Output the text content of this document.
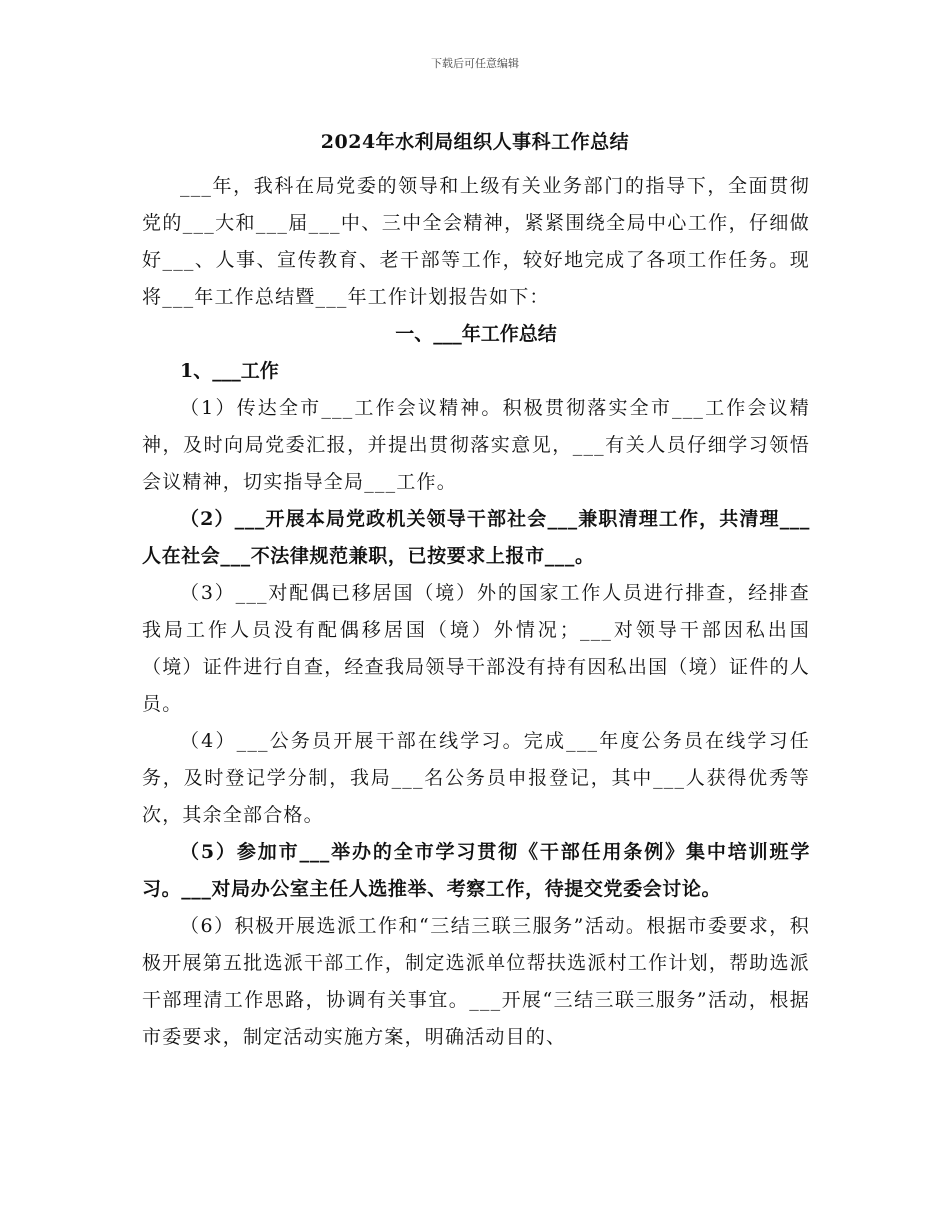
下载后可任意编辑
2024年水利局组织人事科工作总结

___年，我科在局党委的领导和上级有关业务部门的指导下，全面贯彻党的___大和___届___中、三中全会精神，紧紧围绕全局中心工作，仔细做好___、人事、宣传教育、老干部等工作，较好地完成了各项工作任务。现将___年工作总结暨___年工作计划报告如下：

一、___年工作总结

1、___工作

（1）传达全市___工作会议精神。积极贯彻落实全市___工作会议精神，及时向局党委汇报，并提出贯彻落实意见，___有关人员仔细学习领悟会议精神，切实指导全局___工作。

（2）___开展本局党政机关领导干部社会___兼职清理工作，共清理___人在社会___不法律规范兼职，已按要求上报市___。

（3）___对配偶已移居国（境）外的国家工作人员进行排查，经排查我局工作人员没有配偶移居国（境）外情况；___对领导干部因私出国（境）证件进行自查，经查我局领导干部没有持有因私出国（境）证件的人员。

（4）___公务员开展干部在线学习。完成___年度公务员在线学习任务，及时登记学分制，我局___名公务员申报登记，其中___人获得优秀等次，其余全部合格。

（5）参加市___举办的全市学习贯彻《干部任用条例》集中培训班学习。___对局办公室主任人选推举、考察工作，待提交党委会讨论。

（6）积极开展选派工作和“三结三联三服务”活动。根据市委要求，积极开展第五批选派干部工作，制定选派单位帮扶选派村工作计划，帮助选派干部理清工作思路，协调有关事宜。___开展“三结三联三服务”活动，根据市委要求，制定活动实施方案，明确活动目的、
